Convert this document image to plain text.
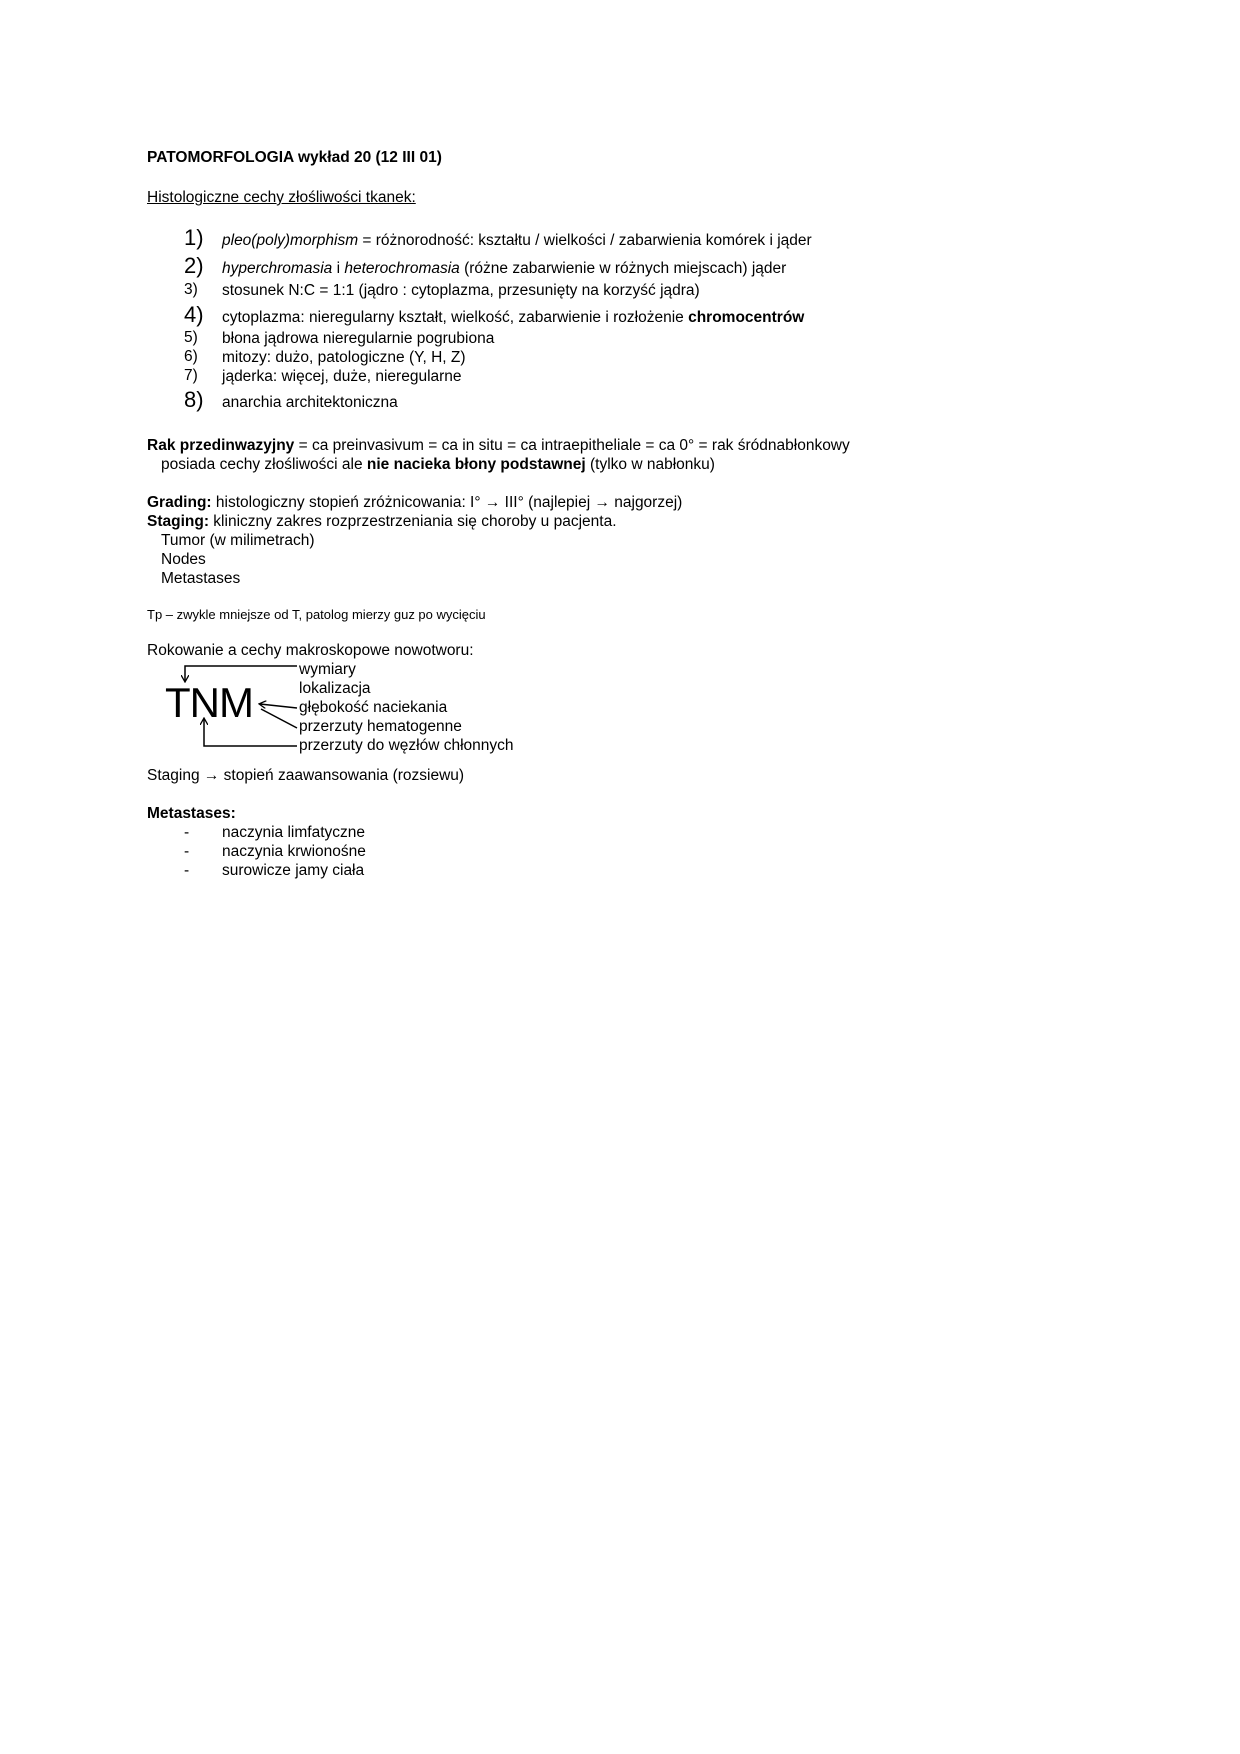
PATOMORFOLOGIA wykład 20 (12 III 01)
Histologiczne cechy złośliwości tkanek:
1) pleo(poly)morphism = różnorodność: kształtu / wielkości / zabarwienia komórek i jąder
2) hyperchromasia i heterochromasia (różne zabarwienie w różnych miejscach) jąder
3) stosunek N:C = 1:1 (jądro : cytoplazma, przesunięty na korzyść jądra)
4) cytoplazma: nieregularny kształt, wielkość, zabarwienie i rozłożenie chromocentrów
5) błona jądrowa nieregularnie pogrubiona
6) mitozy: dużo, patologiczne (Y, H, Z)
7) jąderka: więcej, duże, nieregularne
8) anarchia architektoniczna
Rak przedinwazyjny = ca preinvasivum = ca in situ = ca intraepitheliale = ca 0° = rak śródnabłonkowy
posiada cechy złośliwości ale nie nacieka błony podstawnej (tylko w nabłonku)
Grading: histologiczny stopień zróżnicowania: I° → III° (najlepiej → najgorzej)
Staging: kliniczny zakres rozprzestrzeniania się choroby u pacjenta.
Tumor (w milimetrach)
Nodes
Metastases
Tp – zwykle mniejsze od T, patolog mierzy guz po wycięciu
Rokowanie a cechy makroskopowe nowotworu:
TNM
wymiary
lokalizacja
głębokość naciekania
przerzuty hematogenne
przerzuty do węzłów chłonnych
Staging → stopień zaawansowania (rozsiewu)
Metastases:
- naczynia limfatyczne
- naczynia krwionośne
- surowicze jamy ciała
